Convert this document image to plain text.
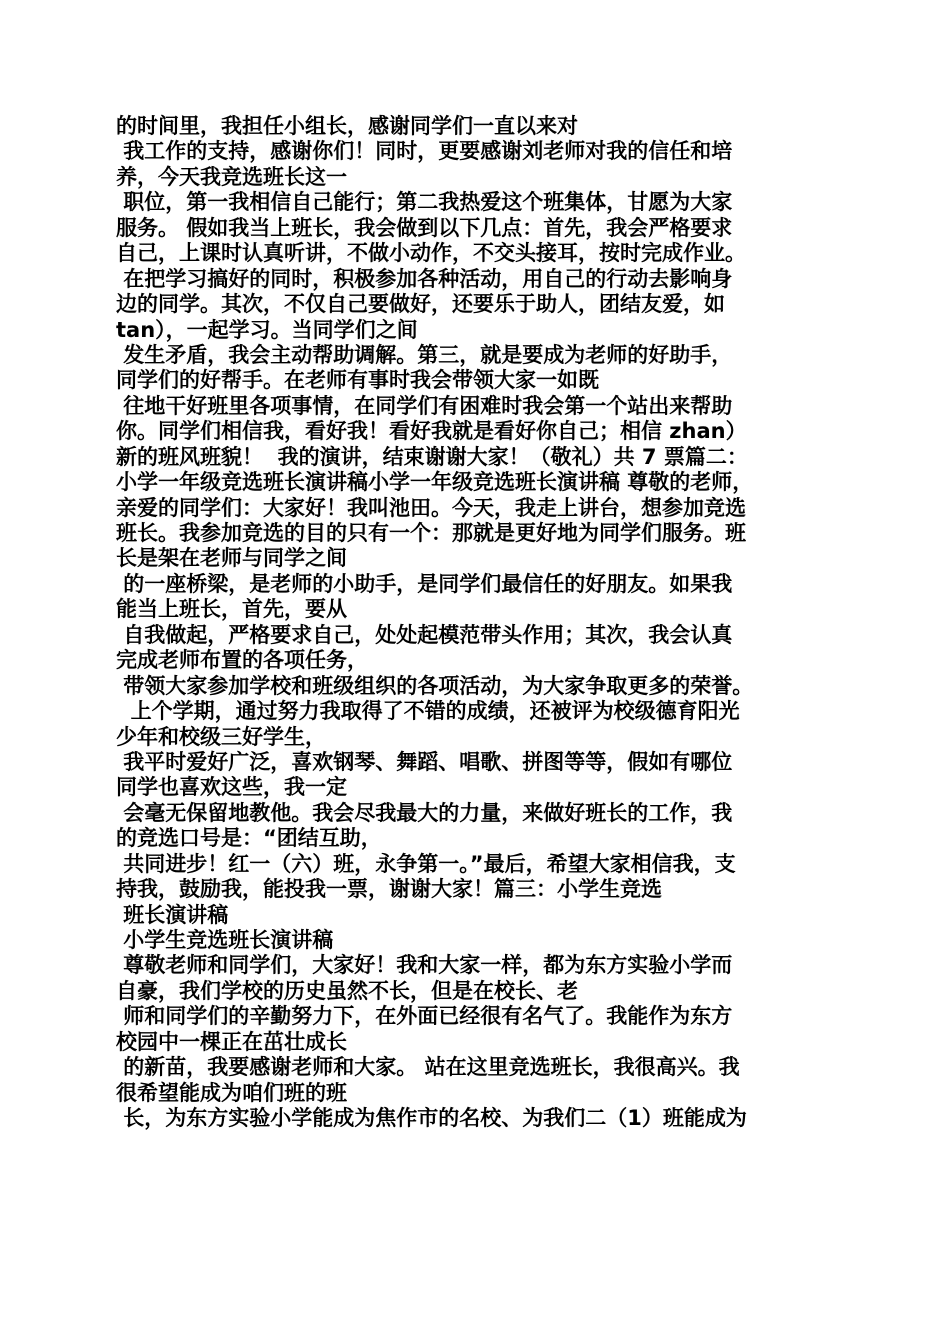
的时间里，我担任小组长，感谢同学们一直以来对
我工作的支持，感谢你们！同时，更要感谢刘老师对我的信任和培
养，今天我竞选班长这一
职位，第一我相信自己能行；第二我热爱这个班集体，甘愿为大家
服务。 假如我当上班长，我会做到以下几点：首先，我会严格要求
自己，上课时认真听讲，不做小动作，不交头接耳，按时完成作业。
在把学习搞好的同时，积极参加各种活动，用自己的行动去影响身
边的同学。其次，不仅自己要做好，还要乐于助人，团结友爱，如
tan），一起学习。当同学们之间
发生矛盾，我会主动帮助调解。第三，就是要成为老师的好助手，
同学们的好帮手。在老师有事时我会带领大家一如既
往地干好班里各项事情，在同学们有困难时我会第一个站出来帮助
你。同学们相信我，看好我！看好我就是看好你自己；相信 zhan）
新的班风班貌！  我的演讲，结束谢谢大家！（敬礼）共 7 票篇二：
小学一年级竞选班长演讲稿小学一年级竞选班长演讲稿 尊敬的老师，
亲爱的同学们：大家好！我叫池田。今天，我走上讲台，想参加竞选
班长。我参加竞选的目的只有一个：那就是更好地为同学们服务。班
长是架在老师与同学之间
的一座桥梁，是老师的小助手，是同学们最信任的好朋友。如果我
能当上班长，首先，要从
自我做起，严格要求自己，处处起模范带头作用；其次，我会认真
完成老师布置的各项任务，
带领大家参加学校和班级组织的各项活动，为大家争取更多的荣誉。
上个学期，通过努力我取得了不错的成绩，还被评为校级德育阳光
少年和校级三好学生，
我平时爱好广泛，喜欢钢琴、舞蹈、唱歌、拼图等等，假如有哪位
同学也喜欢这些，我一定
会毫无保留地教他。我会尽我最大的力量，来做好班长的工作，我
的竞选口号是：“团结互助，
共同进步！红一（六）班，永争第一。”最后，希望大家相信我，支
持我，鼓励我，能投我一票，谢谢大家！篇三：小学生竞选
班长演讲稿
小学生竞选班长演讲稿
尊敬老师和同学们，大家好！我和大家一样，都为东方实验小学而
自豪，我们学校的历史虽然不长，但是在校长、老
师和同学们的辛勤努力下，在外面已经很有名气了。我能作为东方
校园中一棵正在茁壮成长
的新苗，我要感谢老师和大家。 站在这里竞选班长，我很高兴。我
很希望能成为咱们班的班
长，为东方实验小学能成为焦作市的名校、为我们二（1）班能成为
